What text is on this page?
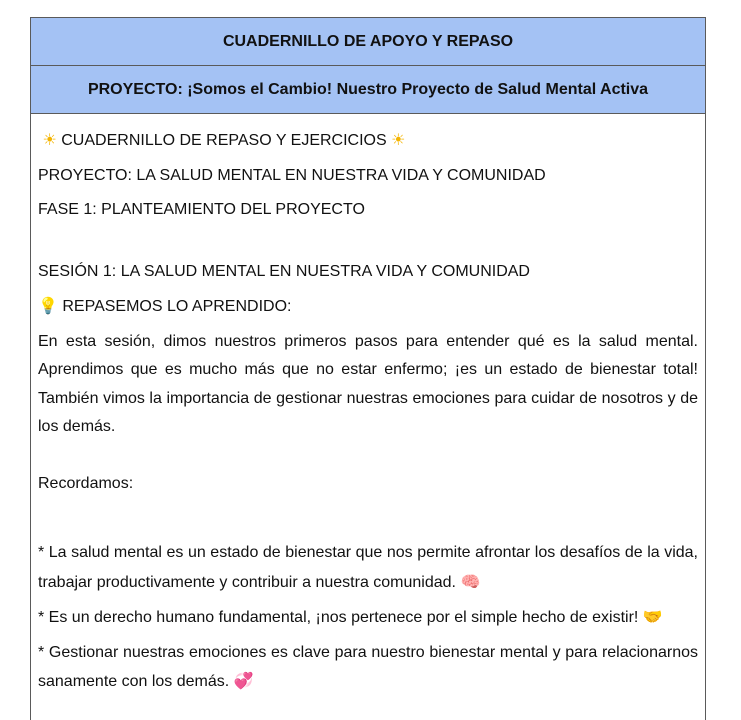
CUADERNILLO DE APOYO Y REPASO
PROYECTO: ¡Somos el Cambio! Nuestro Proyecto de Salud Mental Activa

☀ CUADERNILLO DE REPASO Y EJERCICIOS ☀

PROYECTO: LA SALUD MENTAL EN NUESTRA VIDA Y COMUNIDAD

FASE 1: PLANTEAMIENTO DEL PROYECTO

SESIÓN 1: LA SALUD MENTAL EN NUESTRA VIDA Y COMUNIDAD

💡 REPASEMOS LO APRENDIDO:

En esta sesión, dimos nuestros primeros pasos para entender qué es la salud mental. Aprendimos que es mucho más que no estar enfermo; ¡es un estado de bienestar total! También vimos la importancia de gestionar nuestras emociones para cuidar de nosotros y de los demás.

Recordamos:

* La salud mental es un estado de bienestar que nos permite afrontar los desafíos de la vida, trabajar productivamente y contribuir a nuestra comunidad. 🧠

* Es un derecho humano fundamental, ¡nos pertenece por el simple hecho de existir! 🤝

* Gestionar nuestras emociones es clave para nuestro bienestar mental y para relacionarnos sanamente con los demás. 💞
